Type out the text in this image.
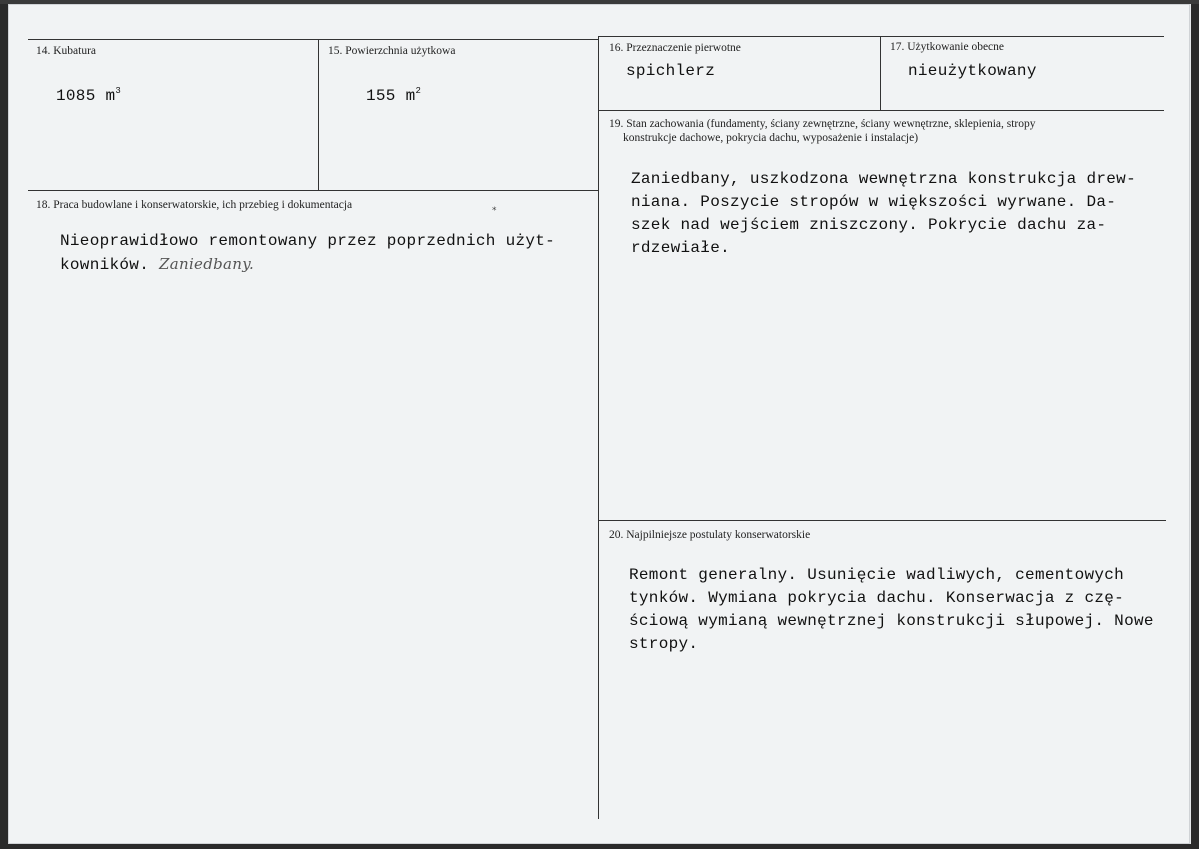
14. Kubatura
1085 $m^3$
15. Powierzchnia użytkowa
155 $m^2$
16. Przeznaczenie pierwotne
spichlerz
17. Użytkowanie obecne
nieużytkowany
18. Praca budowlane i konserwatorskie, ich przebieg i dokumentacja	*
Nieoprawidłowo remontowany przez poprzednich użyt-
kowników. Zaniedbany.
19. Stan zachowania (fundamenty, ściany zewnętrzne, ściany wewnętrzne, sklepienia, stropy
konstrukcje dachowe, pokrycia dachu, wyposażenie i instalacje)
Zaniedbany, uszkodzona wewnętrzna konstrukcja drew-
niana. Poszycie stropów w większości wyrwane. Da-
szek nad wejściem zniszczony. Pokrycie dachu za-
rdzewiałe.
20. Najpilniejsze postulaty konserwatorskie
Remont generalny. Usunięcie wadliwych, cementowych
tynków. Wymiana pokrycia dachu. Konserwacja z czę-
ściową wymianą wewnętrznej konstrukcji słupowej. Nowe
stropy.
